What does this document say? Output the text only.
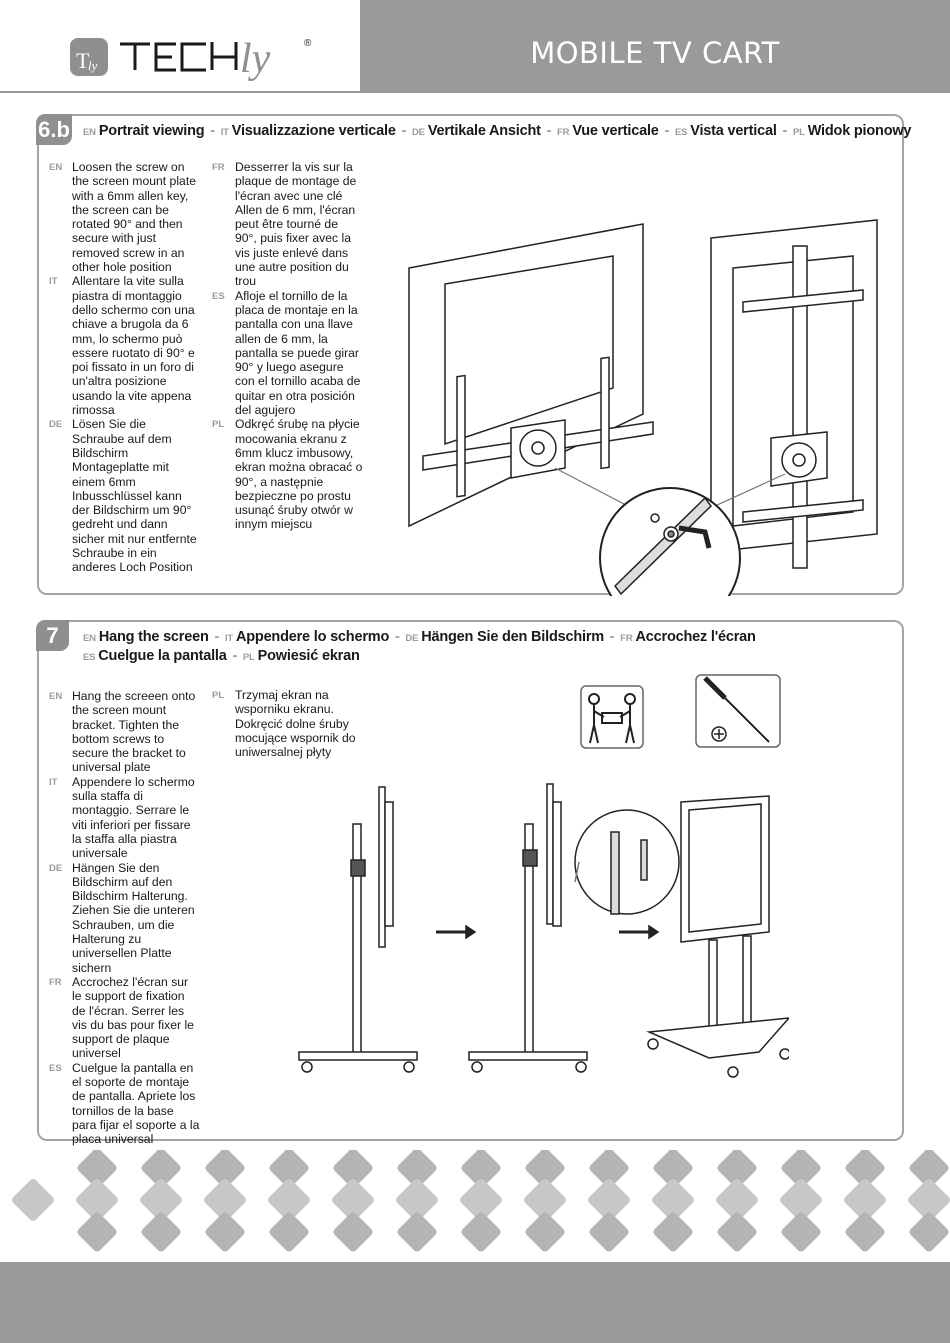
T
ly	ly	®
TECHly
MOBILE TV CART
6.b EN Portrait viewing - IT Visualizzazione verticale - DE Vertikale Ansicht - FR Vue verticale - ES Vista vertical - PL Widok pionowy
EN Loosen the screw on the screen mount plate with a 6mm allen key, the screen can be rotated 90° and then secure with just removed screw in an other hole position
IT Allentare la vite sulla piastra di montaggio dello schermo con una chiave a brugola da 6 mm, lo schermo può essere ruotato di 90° e poi fissato in un foro di un'altra posizione usando la vite appena rimossa
DE Lösen Sie die Schraube auf dem Bildschirm Montageplatte mit einem 6mm Inbusschlüssel kann der Bildschirm um 90° gedreht und dann sicher mit nur entfernte Schraube in ein anderes Loch Position
FR Desserrer la vis sur la plaque de montage de l'écran avec une clé Allen de 6 mm, l'écran peut être tourné de 90°, puis fixer avec la vis juste enlevé dans une autre position du trou
ES Afloje el tornillo de la placa de montaje en la pantalla con una llave allen de 6 mm, la pantalla se puede girar 90° y luego asegure con el tornillo acaba de quitar en otra posición del agujero
PL Odkręć śrubę na płycie mocowania ekranu z 6mm klucz imbusowy, ekran można obracać o 90°, a następnie bezpieczne po prostu usunąć śruby otwór w innym miejscu
7	EN Hang the screen - IT Appendere lo schermo - DE Hängen Sie den Bildschirm - FR Accrochez l'écran
ES Cuelgue la pantalla - PL Powiesić ekran
EN Hang the screeen onto the screen mount bracket. Tighten the bottom screws to secure the bracket to universal plate
IT Appendere lo schermo sulla staffa di montaggio. Serrare le viti inferiori per fissare la staffa alla piastra universale
DE Hängen Sie den Bildschirm auf den Bildschirm Halterung. Ziehen Sie die unteren Schrauben, um die Halterung zu universellen Platte sichern
FR Accrochez l'écran sur le support de fixation de l'écran. Serrer les vis du bas pour fixer le support de plaque universel
ES Cuelgue la pantalla en el soporte de montaje de pantalla. Apriete los tornillos de la base para fijar el soporte a la placa universal
PL Trzymaj ekran na wsporniku ekranu. Dokręcić dolne śruby mocujące wspornik do uniwersalnej płyty
